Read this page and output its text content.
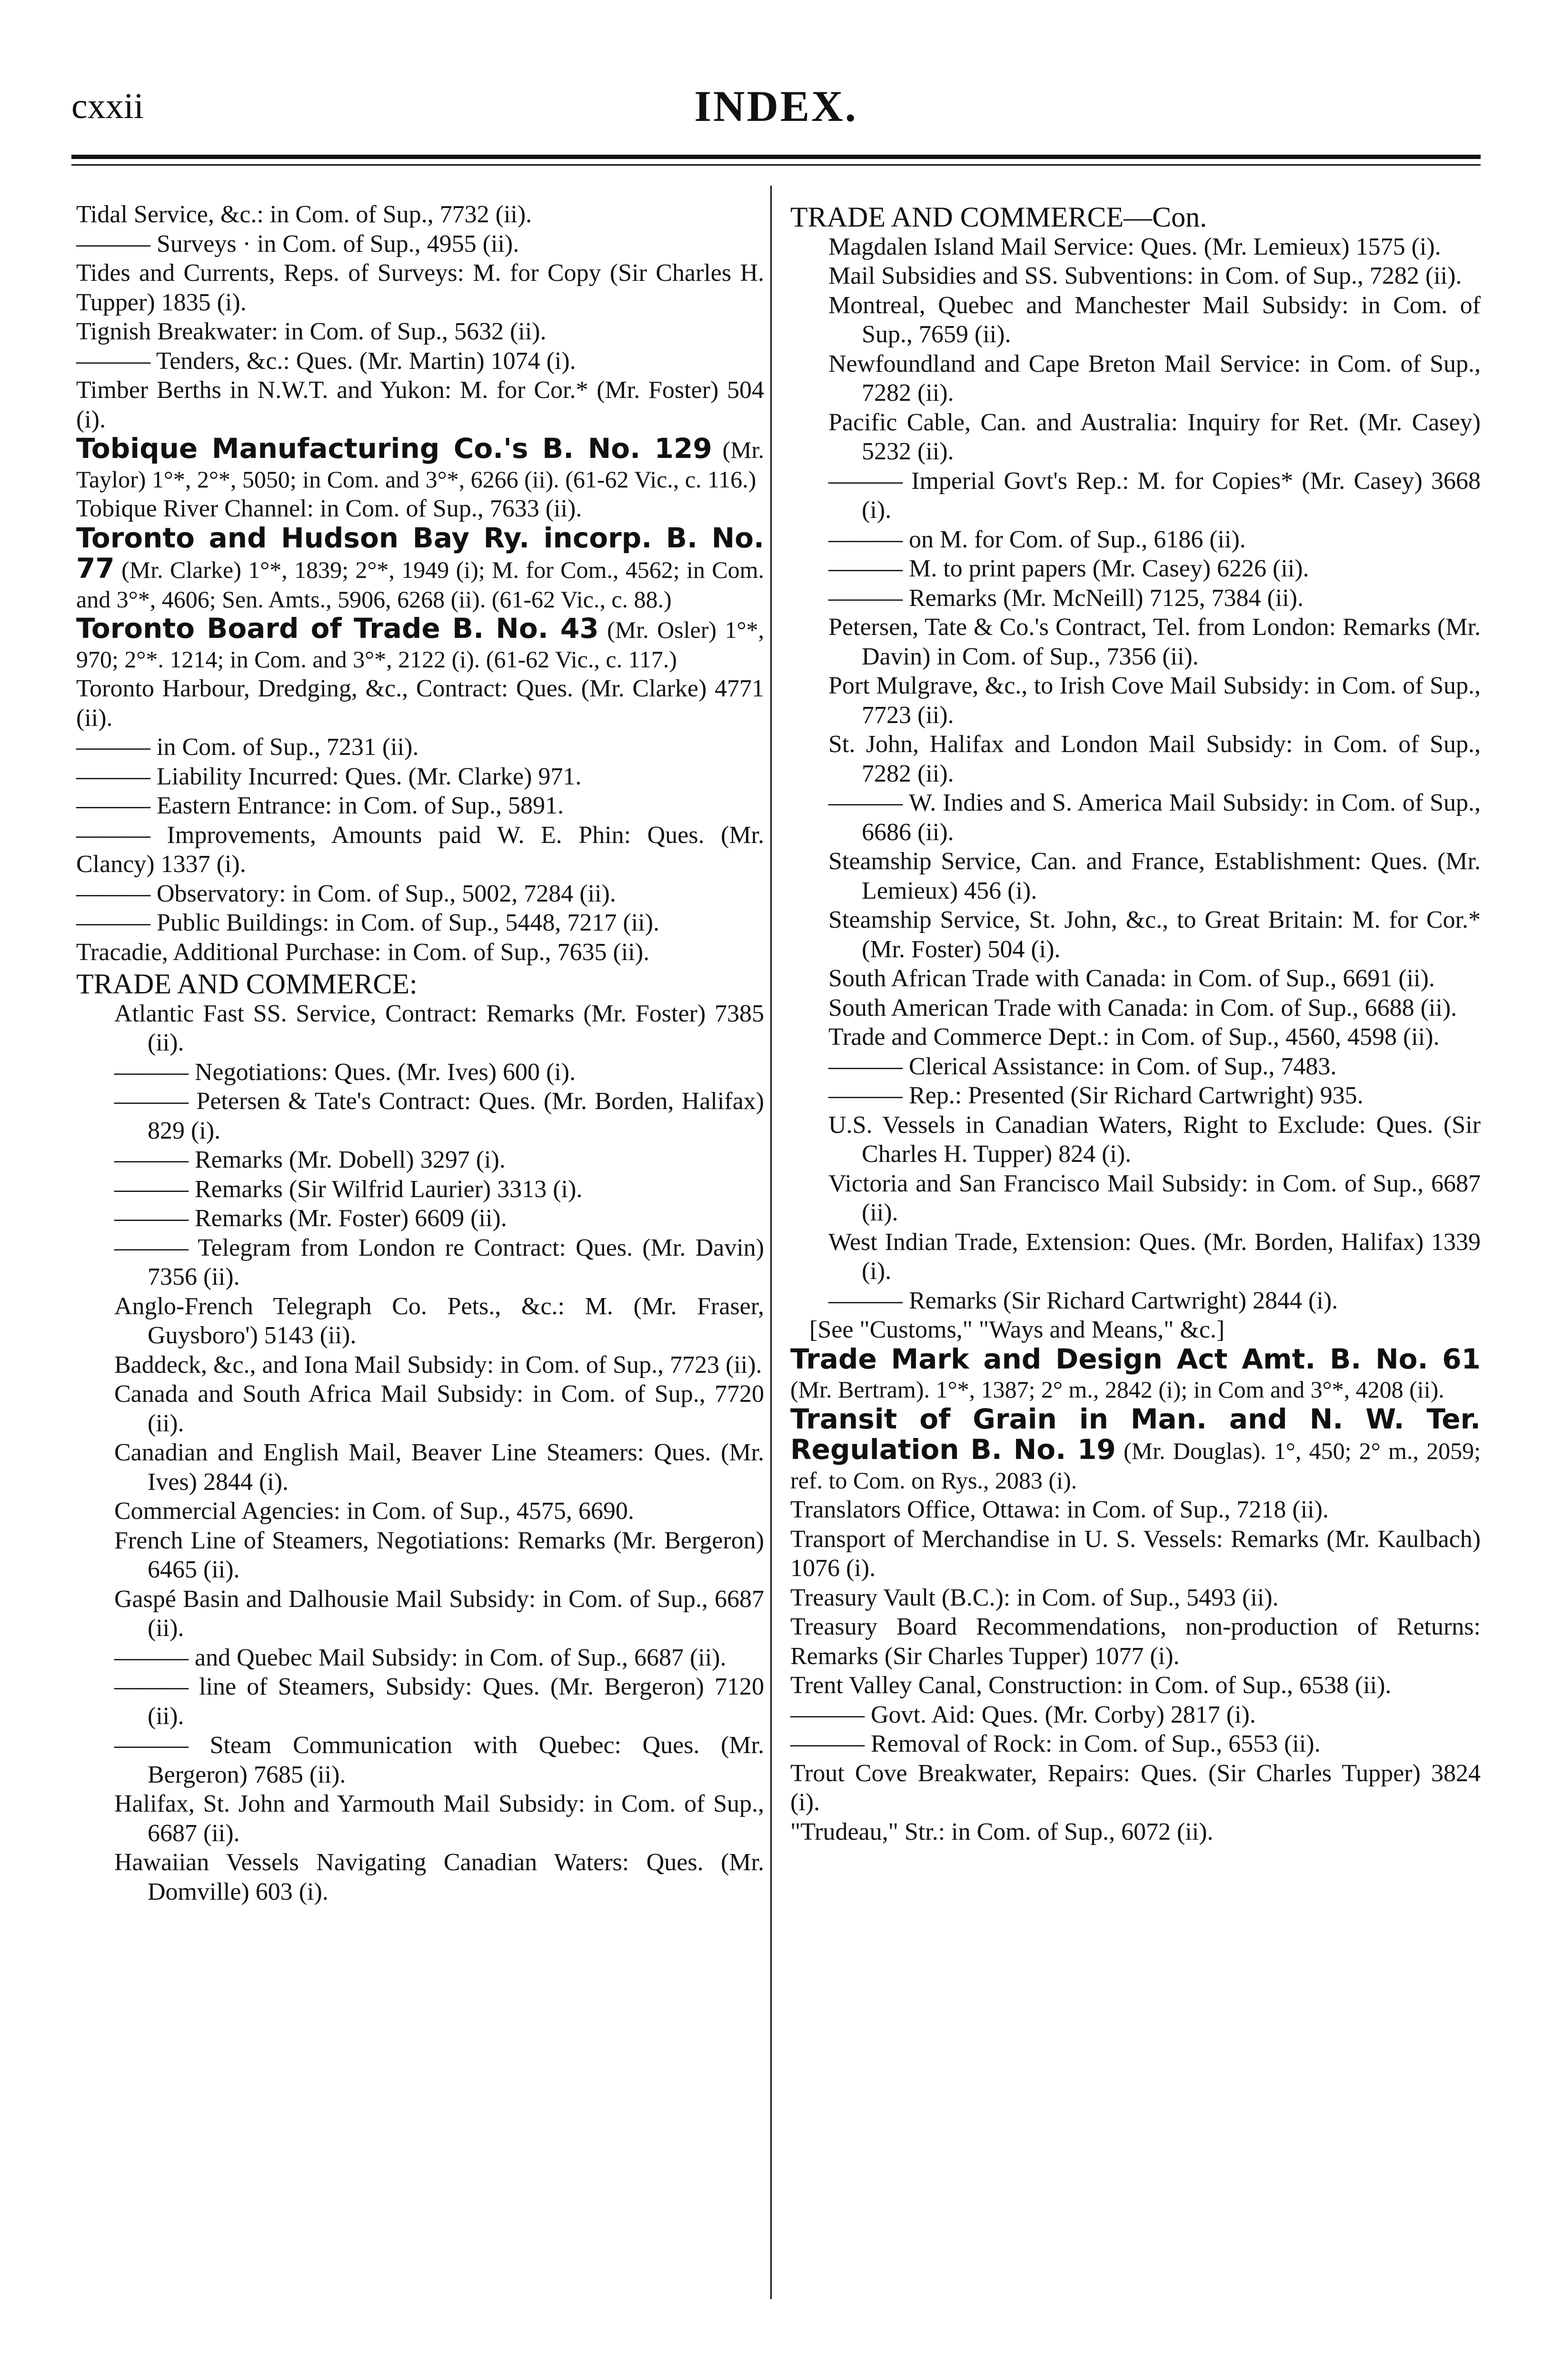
cxxii	INDEX.
Tidal Service, &c.: in Com. of Sup., 7732 (ii).
——— Surveys · in Com. of Sup., 4955 (ii).
Tides and Currents, Reps. of Surveys: M. for Copy (Sir Charles H. Tupper) 1835 (i).
Tignish Breakwater: in Com. of Sup., 5632 (ii).
——— Tenders, &c.: Ques. (Mr. Martin) 1074 (i).
Timber Berths in N.W.T. and Yukon: M. for Cor.* (Mr. Foster) 504 (i).
Tobique Manufacturing Co.'s B. No. 129 (Mr. Taylor) 1°*, 2°*, 5050; in Com. and 3°*, 6266 (ii). (61-62 Vic., c. 116.)
Tobique River Channel: in Com. of Sup., 7633 (ii).
Toronto and Hudson Bay Ry. incorp. B. No. 77 (Mr. Clarke) 1°*, 1839; 2°*, 1949 (i); M. for Com., 4562; in Com. and 3°*, 4606; Sen. Amts., 5906, 6268 (ii). (61-62 Vic., c. 88.)
Toronto Board of Trade B. No. 43 (Mr. Osler) 1°*, 970; 2°*. 1214; in Com. and 3°*, 2122 (i). (61-62 Vic., c. 117.)
Toronto Harbour, Dredging, &c., Contract: Ques. (Mr. Clarke) 4771 (ii).
——— in Com. of Sup., 7231 (ii).
——— Liability Incurred: Ques. (Mr. Clarke) 971.
——— Eastern Entrance: in Com. of Sup., 5891.
——— Improvements, Amounts paid W. E. Phin: Ques. (Mr. Clancy) 1337 (i).
——— Observatory: in Com. of Sup., 5002, 7284 (ii).
——— Public Buildings: in Com. of Sup., 5448, 7217 (ii).
Tracadie, Additional Purchase: in Com. of Sup., 7635 (ii).
TRADE AND COMMERCE:
Atlantic Fast SS. Service, Contract: Remarks (Mr. Foster) 7385 (ii).
——— Negotiations: Ques. (Mr. Ives) 600 (i).
——— Petersen & Tate's Contract: Ques. (Mr. Borden, Halifax) 829 (i).
——— Remarks (Mr. Dobell) 3297 (i).
——— Remarks (Sir Wilfrid Laurier) 3313 (i).
——— Remarks (Mr. Foster) 6609 (ii).
——— Telegram from London re Contract: Ques. (Mr. Davin) 7356 (ii).
Anglo-French Telegraph Co. Pets., &c.: M. (Mr. Fraser, Guysboro') 5143 (ii).
Baddeck, &c., and Iona Mail Subsidy: in Com. of Sup., 7723 (ii).
Canada and South Africa Mail Subsidy: in Com. of Sup., 7720 (ii).
Canadian and English Mail, Beaver Line Steamers: Ques. (Mr. Ives) 2844 (i).
Commercial Agencies: in Com. of Sup., 4575, 6690.
French Line of Steamers, Negotiations: Remarks (Mr. Bergeron) 6465 (ii).
Gaspé Basin and Dalhousie Mail Subsidy: in Com. of Sup., 6687 (ii).
——— and Quebec Mail Subsidy: in Com. of Sup., 6687 (ii).
——— line of Steamers, Subsidy: Ques. (Mr. Bergeron) 7120 (ii).
——— Steam Communication with Quebec: Ques. (Mr. Bergeron) 7685 (ii).
Halifax, St. John and Yarmouth Mail Subsidy: in Com. of Sup., 6687 (ii).
Hawaiian Vessels Navigating Canadian Waters: Ques. (Mr. Domville) 603 (i).
TRADE AND COMMERCE—Con.
Magdalen Island Mail Service: Ques. (Mr. Lemieux) 1575 (i).
Mail Subsidies and SS. Subventions: in Com. of Sup., 7282 (ii).
Montreal, Quebec and Manchester Mail Subsidy: in Com. of Sup., 7659 (ii).
Newfoundland and Cape Breton Mail Service: in Com. of Sup., 7282 (ii).
Pacific Cable, Can. and Australia: Inquiry for Ret. (Mr. Casey) 5232 (ii).
——— Imperial Govt's Rep.: M. for Copies* (Mr. Casey) 3668 (i).
——— on M. for Com. of Sup., 6186 (ii).
——— M. to print papers (Mr. Casey) 6226 (ii).
——— Remarks (Mr. McNeill) 7125, 7384 (ii).
Petersen, Tate & Co.'s Contract, Tel. from London: Remarks (Mr. Davin) in Com. of Sup., 7356 (ii).
Port Mulgrave, &c., to Irish Cove Mail Subsidy: in Com. of Sup., 7723 (ii).
St. John, Halifax and London Mail Subsidy: in Com. of Sup., 7282 (ii).
——— W. Indies and S. America Mail Subsidy: in Com. of Sup., 6686 (ii).
Steamship Service, Can. and France, Establishment: Ques. (Mr. Lemieux) 456 (i).
Steamship Service, St. John, &c., to Great Britain: M. for Cor.* (Mr. Foster) 504 (i).
South African Trade with Canada: in Com. of Sup., 6691 (ii).
South American Trade with Canada: in Com. of Sup., 6688 (ii).
Trade and Commerce Dept.: in Com. of Sup., 4560, 4598 (ii).
——— Clerical Assistance: in Com. of Sup., 7483.
——— Rep.: Presented (Sir Richard Cartwright) 935.
U.S. Vessels in Canadian Waters, Right to Exclude: Ques. (Sir Charles H. Tupper) 824 (i).
Victoria and San Francisco Mail Subsidy: in Com. of Sup., 6687 (ii).
West Indian Trade, Extension: Ques. (Mr. Borden, Halifax) 1339 (i).
——— Remarks (Sir Richard Cartwright) 2844 (i).
[See "Customs," "Ways and Means," &c.]
Trade Mark and Design Act Amt. B. No. 61 (Mr. Bertram). 1°*, 1387; 2° m., 2842 (i); in Com and 3°*, 4208 (ii).
Transit of Grain in Man. and N. W. Ter. Regulation B. No. 19 (Mr. Douglas). 1°, 450; 2° m., 2059; ref. to Com. on Rys., 2083 (i).
Translators Office, Ottawa: in Com. of Sup., 7218 (ii).
Transport of Merchandise in U. S. Vessels: Remarks (Mr. Kaulbach) 1076 (i).
Treasury Vault (B.C.): in Com. of Sup., 5493 (ii).
Treasury Board Recommendations, non-production of Returns: Remarks (Sir Charles Tupper) 1077 (i).
Trent Valley Canal, Construction: in Com. of Sup., 6538 (ii).
——— Govt. Aid: Ques. (Mr. Corby) 2817 (i).
——— Removal of Rock: in Com. of Sup., 6553 (ii).
Trout Cove Breakwater, Repairs: Ques. (Sir Charles Tupper) 3824 (i).
"Trudeau," Str.: in Com. of Sup., 6072 (ii).
